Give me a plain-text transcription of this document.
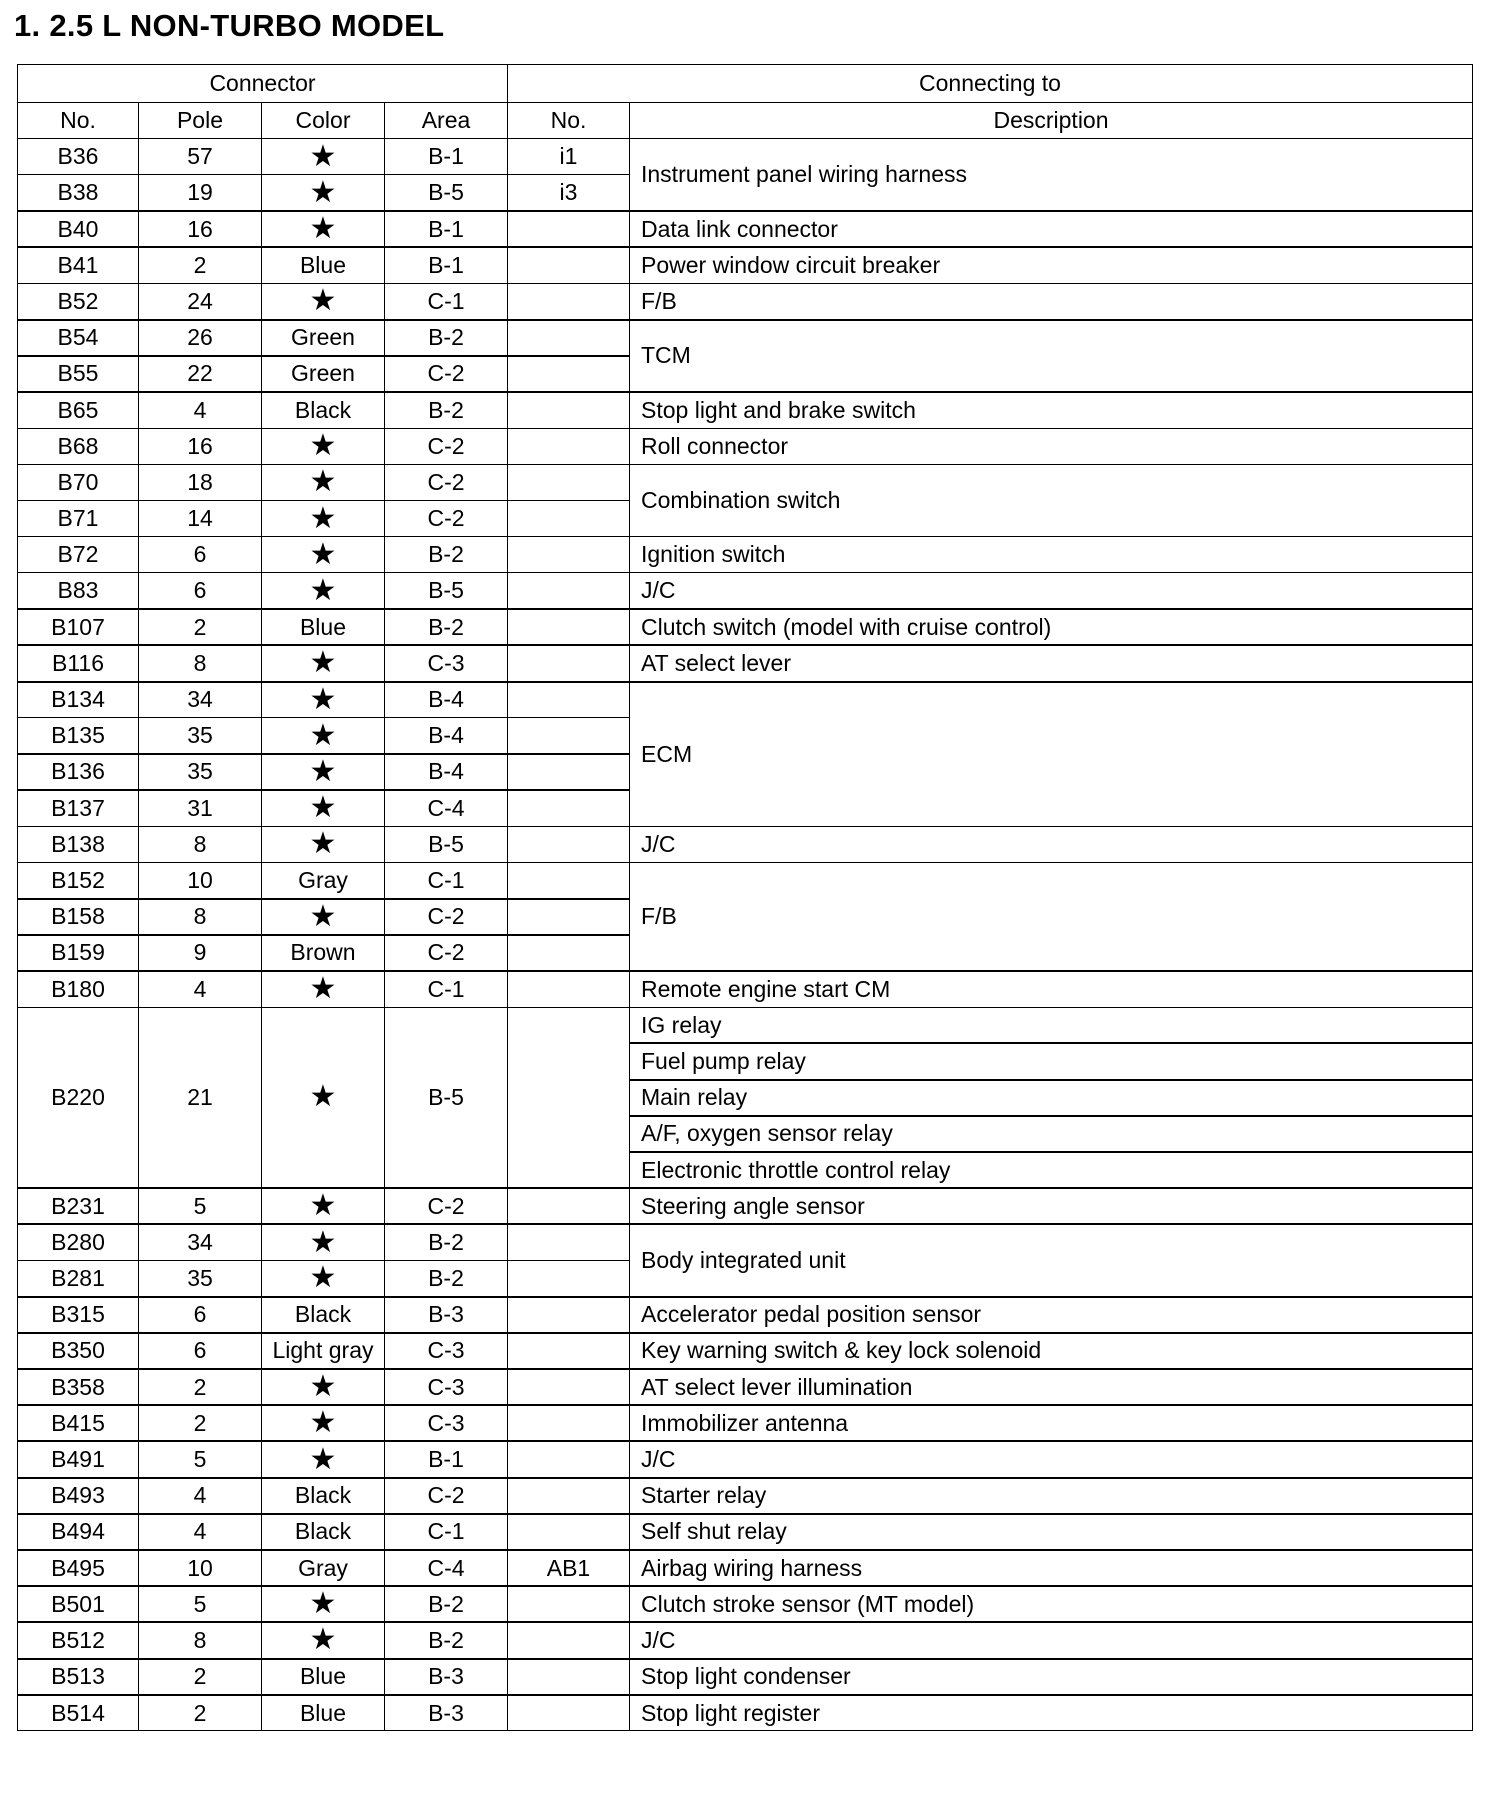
1. 2.5 L NON-TURBO MODEL
Connector				Connecting to	
No.	Pole	Color	Area	No.	Description
B36	57	★	B-1	i1	Instrument panel wiring harness
B38	19	★	B-5	i3	
B40	16	★	B-1		Data link connector
B41	2	Blue	B-1		Power window circuit breaker
B52	24	★	C-1		F/B
B54	26	Green	B-2		TCM
B55	22	Green	C-2		
B65	4	Black	B-2		Stop light and brake switch
B68	16	★	C-2		Roll connector
B70	18	★	C-2		Combination switch
B71	14	★	C-2		
B72	6	★	B-2		Ignition switch
B83	6	★	B-5		J/C
B107	2	Blue	B-2		Clutch switch (model with cruise control)
B116	8	★	C-3		AT select lever
B134	34	★	B-4		ECM
B135	35	★	B-4		
B136	35	★	B-4		
B137	31	★	C-4		
B138	8	★	B-5		J/C
B152	10	Gray	C-1		F/B
B158	8	★	C-2		
B159	9	Brown	C-2		
B180	4	★	C-1		Remote engine start CM
B220	21	★	B-5		IG relay
					Fuel pump relay
					Main relay
					A/F, oxygen sensor relay
					Electronic throttle control relay
B231	5	★	C-2		Steering angle sensor
B280	34	★	B-2		Body integrated unit
B281	35	★	B-2		
B315	6	Black	B-3		Accelerator pedal position sensor
B350	6	Light gray	C-3		Key warning switch & key lock solenoid
B358	2	★	C-3		AT select lever illumination
B415	2	★	C-3		Immobilizer antenna
B491	5	★	B-1		J/C
B493	4	Black	C-2		Starter relay
B494	4	Black	C-1		Self shut relay
B495	10	Gray	C-4	AB1	Airbag wiring harness
B501	5	★	B-2		Clutch stroke sensor (MT model)
B512	8	★	B-2		J/C
B513	2	Blue	B-3		Stop light condenser
B514	2	Blue	B-3		Stop light register
